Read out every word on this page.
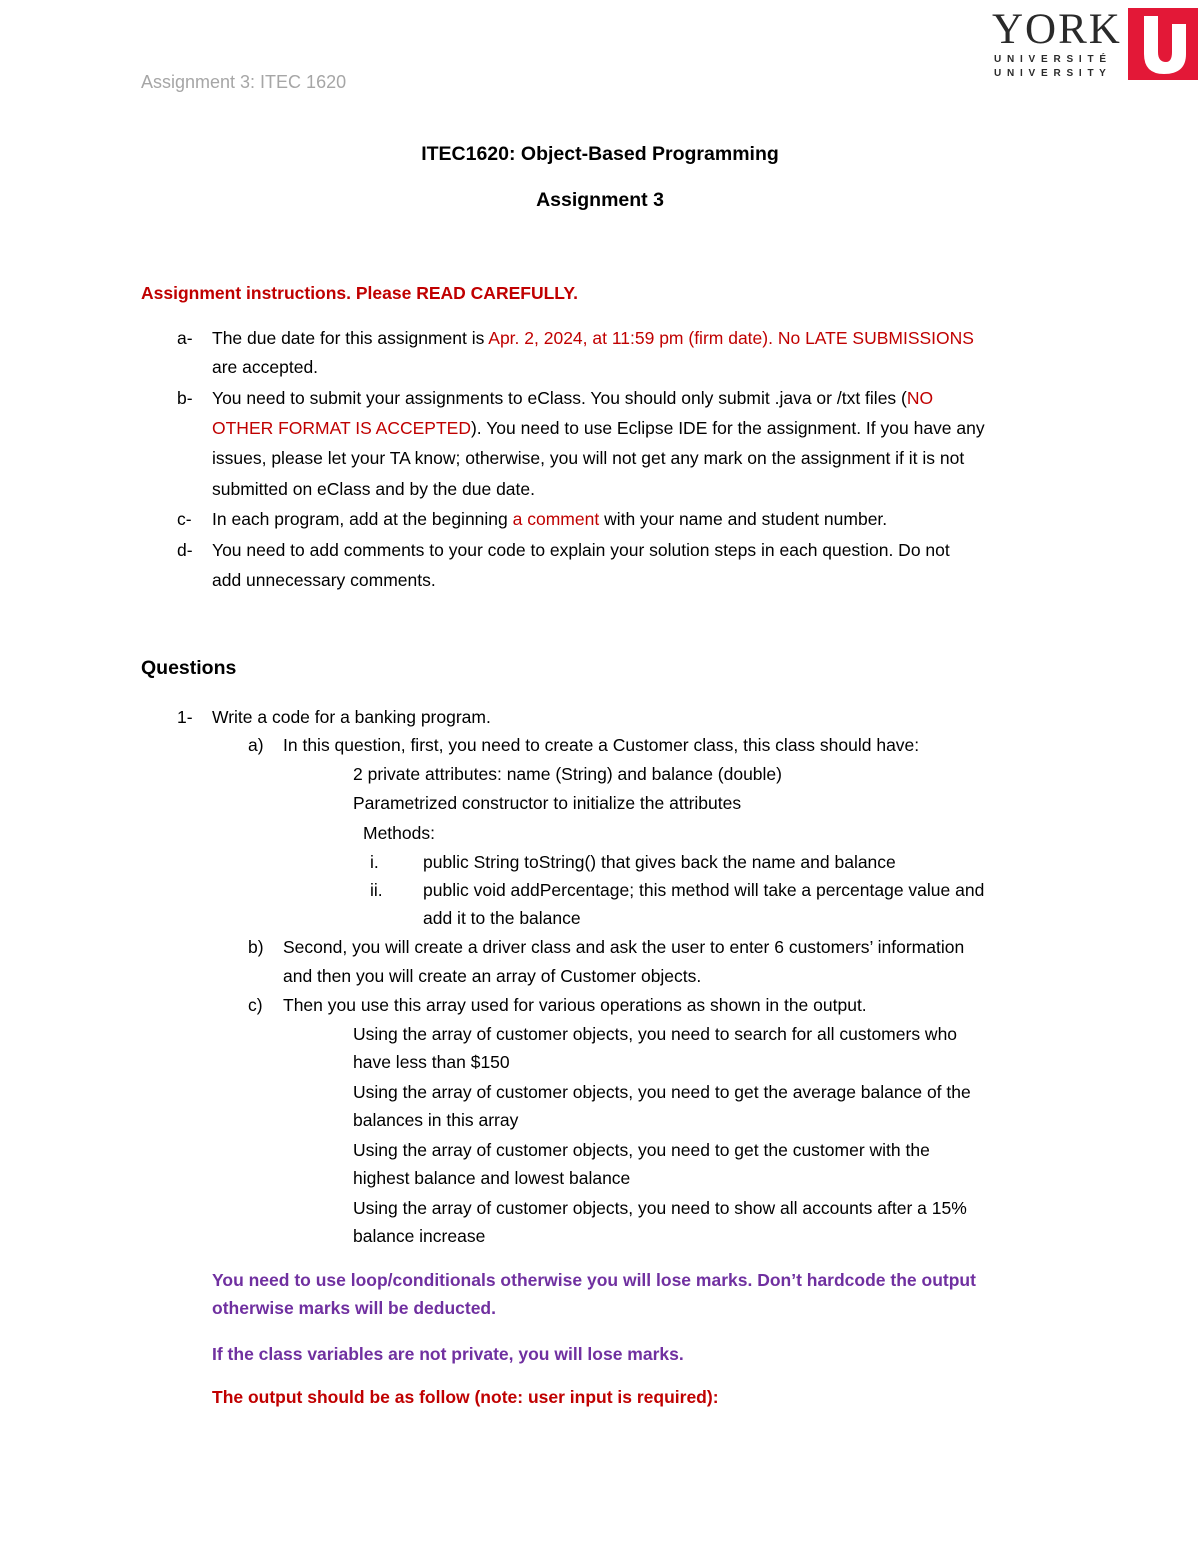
Assignment 3: ITEC 1620
YORK
U N I V E R S I T É
U N I V E R S I T Y
ITEC1620: Object-Based Programming
Assignment 3
Assignment instructions. Please READ CAREFULLY.
a-	The due date for this assignment is Apr. 2, 2024, at 11:59 pm (firm date). No LATE SUBMISSIONS
are accepted.
b-	You need to submit your assignments to eClass. You should only submit .java or /txt files (NO
OTHER FORMAT IS ACCEPTED). You need to use Eclipse IDE for the assignment. If you have any
issues, please let your TA know; otherwise, you will not get any mark on the assignment if it is not
submitted on eClass and by the due date.
c-	In each program, add at the beginning a comment with your name and student number.
d-	You need to add comments to your code to explain your solution steps in each question. Do not
add unnecessary comments.
Questions
1- Write a code for a banking program.
a) In this question, first, you need to create a Customer class, this class should have:
2 private attributes: name (String) and balance (double)
Parametrized constructor to initialize the attributes
Methods:
i.	public String toString() that gives back the name and balance
ii. public void addPercentage; this method will take a percentage value and
add it to the balance
b) Second, you will create a driver class and ask the user to enter 6 customers’ information
and then you will create an array of Customer objects.
c) Then you use this array used for various operations as shown in the output.
Using the array of customer objects, you need to search for all customers who
have less than $150
Using the array of customer objects, you need to get the average balance of the
balances in this array
Using the array of customer objects, you need to get the customer with the
highest balance and lowest balance
Using the array of customer objects, you need to show all accounts after a 15%
balance increase
You need to use loop/conditionals otherwise you will lose marks. Don’t hardcode the output
otherwise marks will be deducted.
If the class variables are not private, you will lose marks.
The output should be as follow (note: user input is required):
